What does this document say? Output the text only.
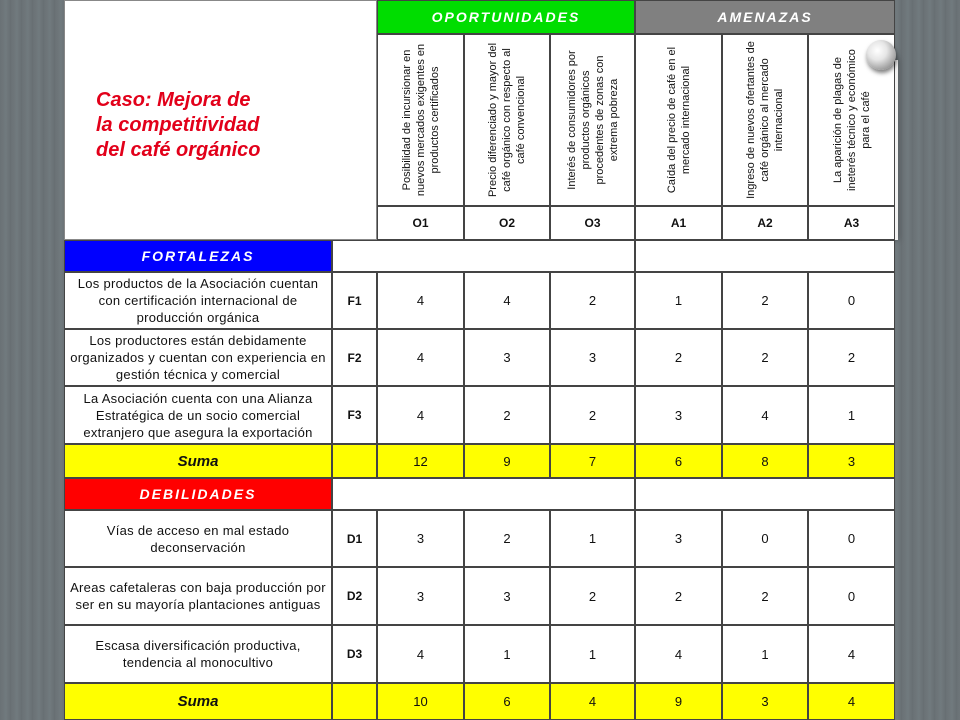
Caso: Mejora de
la competitividad
del café orgánico
OPORTUNIDADES	AMENAZAS
Posibilidad de incursionar en nuevos mercados exigentes en productos certificados	Precio diferenciado y mayor del café orgánico con respecto al café convencional	Interés de consumidores por productos orgánicos procedentes de zonas con extrema pobreza	Caída del precio de café en el mercado internacional	Ingreso de nuevos ofertantes de café orgánico al mercado internacional	La aparición de plagas de ineterés técnico y económico para el café
O1	O2	O3	A1	A2	A3
FORTALEZAS
Los productos de la Asociación cuentan con certificación internacional de producción orgánica
F1	4	4	2	1	2	0
Los productores están debidamente organizados y cuentan con experiencia en gestión técnica y comercial
F2	4	3	3	2	2	2
La Asociación cuenta con una Alianza Estratégica de un socio comercial extranjero que asegura la exportación
F3	4	2	2	3	4	1
Suma	12	9	7	6	8	3
DEBILIDADES
Vías de acceso en mal estado deconservación
D1	3	2	1	3	0	0
Areas cafetaleras con baja producción por ser en su mayoría plantaciones antiguas
D2	3	3	2	2	2	0
Escasa diversificación productiva, tendencia al monocultivo
D3	4	1	1	4	1	4
Suma	10	6	4	9	3	4
